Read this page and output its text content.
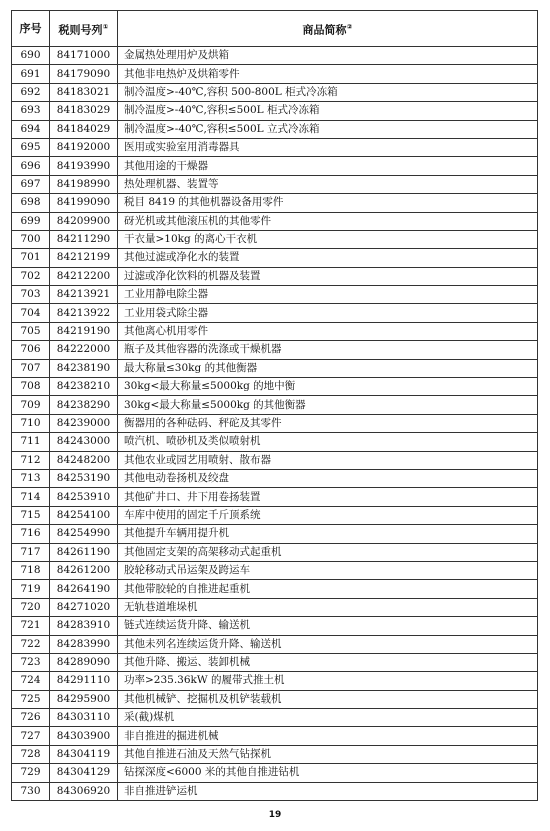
序号	税则号列①	商品简称②
690	84171000	金属热处理用炉及烘箱
691	84179090	其他非电热炉及烘箱零件
692	84183021	制冷温度>-40℃,容积 500-800L 柜式冷冻箱
693	84183029	制冷温度>-40℃,容积≤500L 柜式冷冻箱
694	84184029	制冷温度>-40℃,容积≤500L 立式冷冻箱
695	84192000	医用或实验室用消毒器具
696	84193990	其他用途的干燥器
697	84198990	热处理机器、装置等
698	84199090	税目 8419 的其他机器设备用零件
699	84209900	砑光机或其他滚压机的其他零件
700	84211290	干衣量>10kg 的离心干衣机
701	84212199	其他过滤或净化水的装置
702	84212200	过滤或净化饮料的机器及装置
703	84213921	工业用静电除尘器
704	84213922	工业用袋式除尘器
705	84219190	其他离心机用零件
706	84222000	瓶子及其他容器的洗涤或干燥机器
707	84238190	最大称量≤30kg 的其他衡器
708	84238210	30kg<最大称量≤5000kg 的地中衡
709	84238290	30kg<最大称量≤5000kg 的其他衡器
710	84239000	衡器用的各种砝码、秤砣及其零件
711	84243000	喷汽机、喷砂机及类似喷射机
712	84248200	其他农业或园艺用喷射、散布器
713	84253190	其他电动卷扬机及绞盘
714	84253910	其他矿井口、井下用卷扬装置
715	84254100	车库中使用的固定千斤顶系统
716	84254990	其他提升车辆用提升机
717	84261190	其他固定支架的高架移动式起重机
718	84261200	胶轮移动式吊运架及跨运车
719	84264190	其他带胶轮的自推进起重机
720	84271020	无轨巷道堆垛机
721	84283910	链式连续运货升降、输送机
722	84283990	其他未列名连续运货升降、输送机
723	84289090	其他升降、搬运、装卸机械
724	84291110	功率>235.36kW 的履带式推土机
725	84295900	其他机械铲、挖掘机及机铲装载机
726	84303110	采(截)煤机
727	84303900	非自推进的掘进机械
728	84304119	其他自推进石油及天然气钻探机
729	84304129	钻探深度<6000 米的其他自推进钻机
730	84306920	非自推进铲运机
19
